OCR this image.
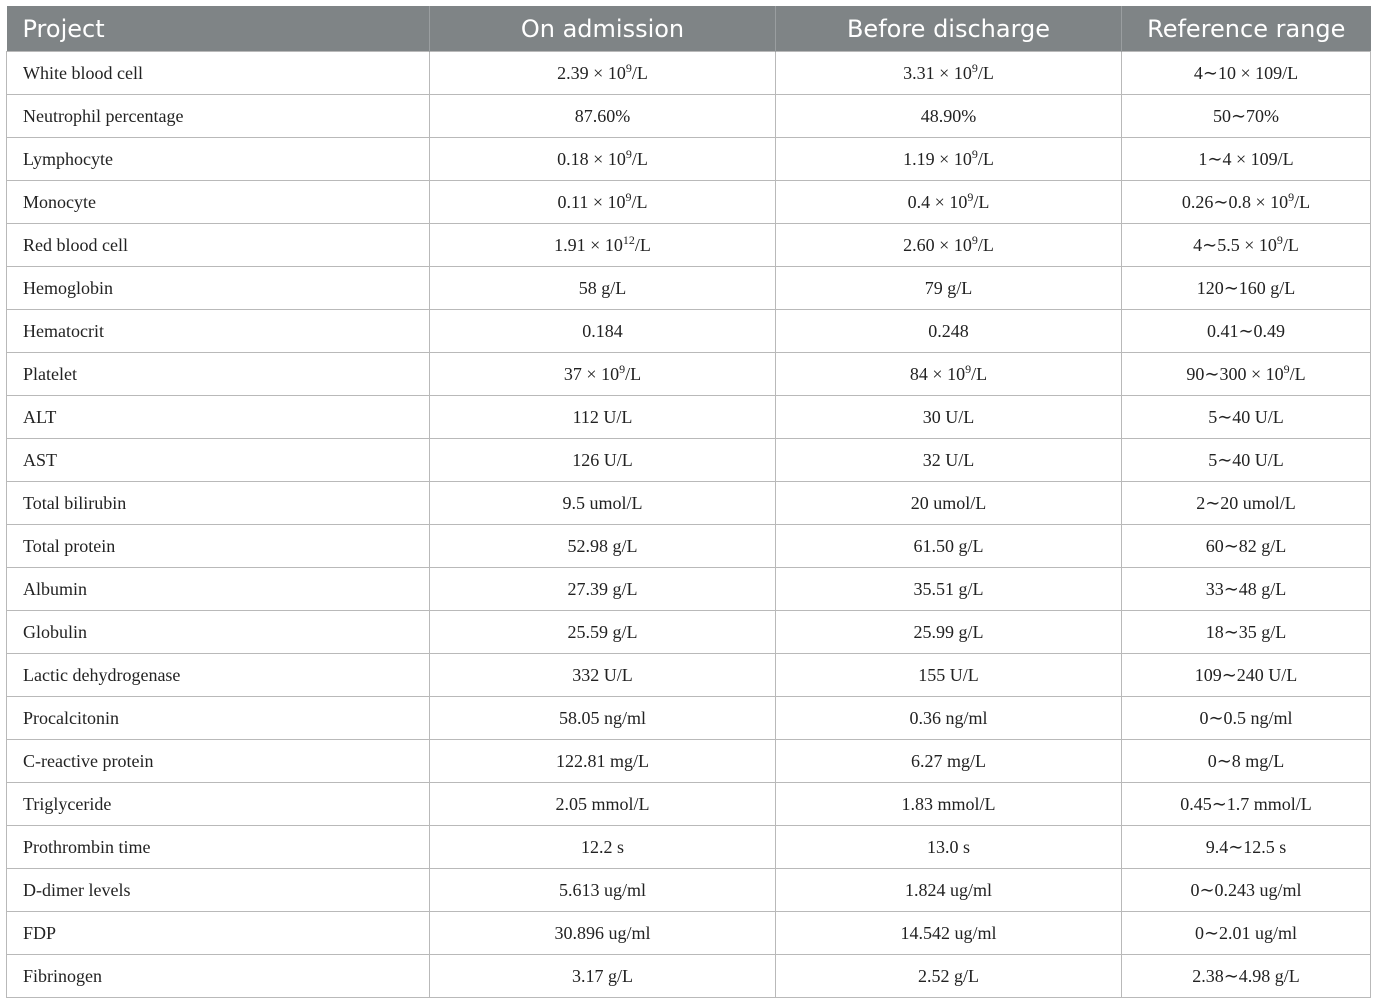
Project	On admission	Before discharge	Reference range
White blood cell	$2.39 \times 10^9/L$	$3.31 \times 10^9/L$	4∼10 × 109/L
Neutrophil percentage	87.60%	48.90%	50∼70%
Lymphocyte	$0.18 \times 10^9/L$	$1.19 \times 10^9/L$	1∼4 × 109/L
Monocyte	$0.11 \times 10^9/L$	$0.4 \times 10^9/L$	0.26∼0.8 × $10^9/L$
Red blood cell	$1.91 \times 10^{12}/L$	$2.60 \times 10^9/L$	4∼5.5 × $10^9/L$
Hemoglobin	58 g/L	79 g/L	120∼160 g/L
Hematocrit	0.184	0.248	0.41∼0.49
Platelet	$37 \times 10^9/L$	$84 \times 10^9/L$	90∼300 × $10^9/L$
ALT	112 U/L	30 U/L	5∼40 U/L
AST	126 U/L	32 U/L	5∼40 U/L
Total bilirubin	9.5 umol/L	20 umol/L	2∼20 umol/L
Total protein	52.98 g/L	61.50 g/L	60∼82 g/L
Albumin	27.39 g/L	35.51 g/L	33∼48 g/L
Globulin	25.59 g/L	25.99 g/L	18∼35 g/L
Lactic dehydrogenase	332 U/L	155 U/L	109∼240 U/L
Procalcitonin	58.05 ng/ml	0.36 ng/ml	0∼0.5 ng/ml
C-reactive protein	122.81 mg/L	6.27 mg/L	0∼8 mg/L
Triglyceride	2.05 mmol/L	1.83 mmol/L	0.45∼1.7 mmol/L
Prothrombin time	12.2 s	13.0 s	9.4∼12.5 s
D-dimer levels	5.613 ug/ml	1.824 ug/ml	0∼0.243 ug/ml
FDP	30.896 ug/ml	14.542 ug/ml	0∼2.01 ug/ml
Fibrinogen	3.17 g/L	2.52 g/L	2.38∼4.98 g/L
